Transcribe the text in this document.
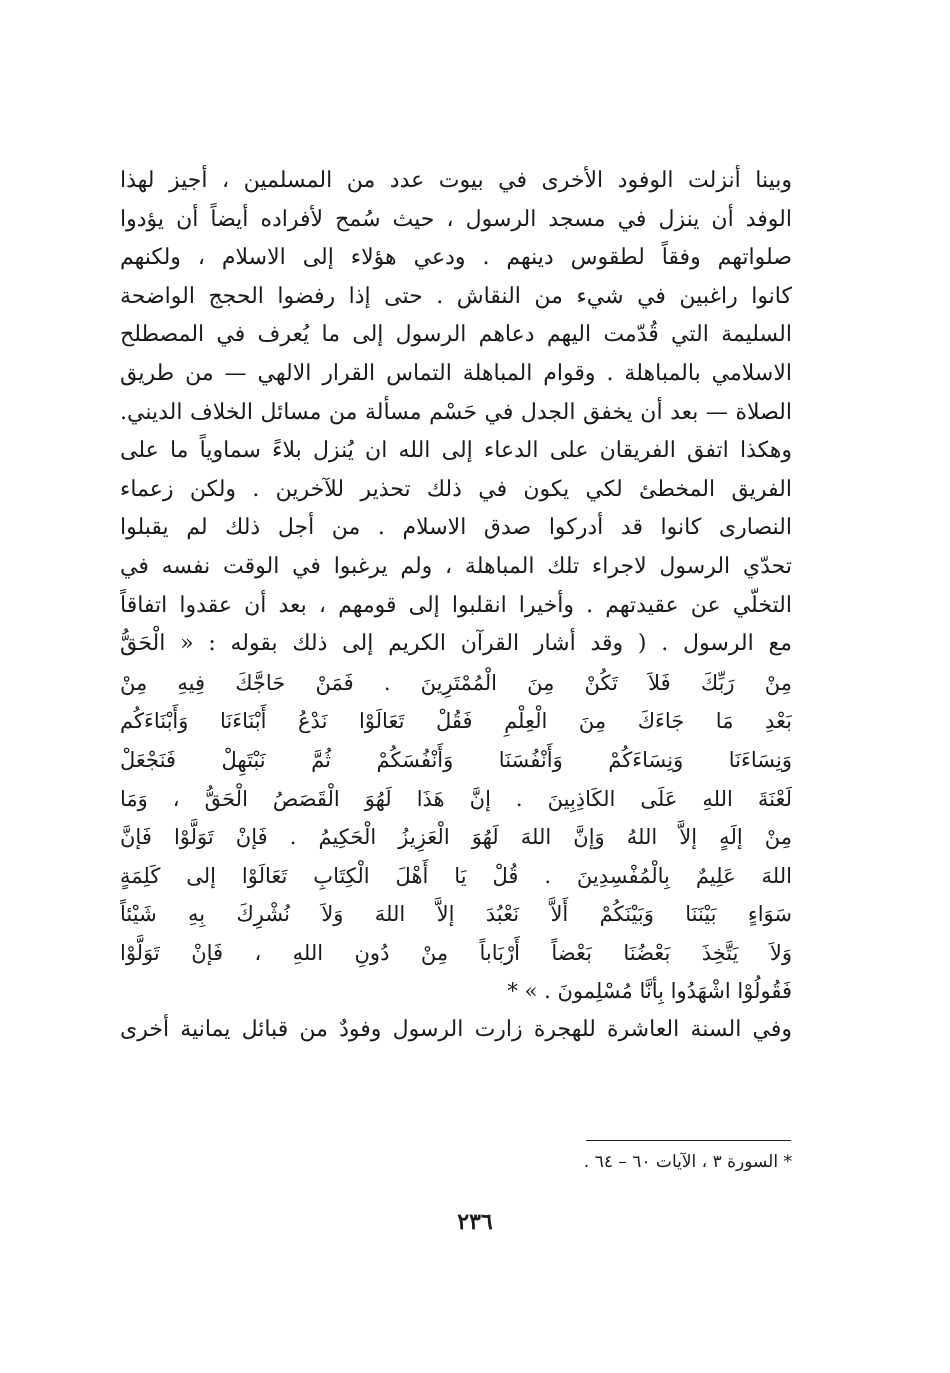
وبينا أنزلت الوفود الأخرى في بيوت عدد من المسلمين ، أجيز لهذا
الوفد أن ينزل في مسجد الرسول ، حيث سُمح لأفراده أيضاً أن يؤدوا
صلواتهم وفقاً لطقوس دينهم . ودعي هؤلاء إلى الاسلام ، ولكنهم
كانوا راغبين في شيء من النقاش . حتى إذا رفضوا الحجج الواضحة
السليمة التي قُدّمت اليهم دعاهم الرسول إلى ما يُعرف في المصطلح
الاسلامي بالمباهلة . وقوام المباهلة التماس القرار الالهي — من طريق
الصلاة — بعد أن يخفق الجدل في حَسْم مسألة من مسائل الخلاف الديني.
وهكذا اتفق الفريقان على الدعاء إلى الله ان يُنزل بلاءً سماوياً ما على
الفريق المخطئ لكي يكون في ذلك تحذير للآخرين . ولكن زعماء
النصارى كانوا قد أدركوا صدق الاسلام . من أجل ذلك لم يقبلوا
تحدّي الرسول لاجراء تلك المباهلة ، ولم يرغبوا في الوقت نفسه في
التخلّي عن عقيدتهم . وأخيرا انقلبوا إلى قومهم ، بعد أن عقدوا اتفاقاً
مع الرسول . ( وقد أشار القرآن الكريم إلى ذلك بقوله : « الْحَقُّ
مِنْ رَبِّكَ فَلاَ تَكُنْ مِنَ الْمُمْتَرِينَ . فَمَنْ حَاجَّكَ فِيهِ مِنْ
بَعْدِ مَا جَاءَكَ مِنَ الْعِلْمِ فَقُلْ تَعَالَوْا نَدْعُ أَبْنَاءَنَا وَأَبْنَاءَكُم
وَنِسَاءَنَا وَنِسَاءَكُمْ وَأَنْفُسَنَا وَأَنْفُسَكُمْ ثُمَّ نَبْتَهِلْ فَنَجْعَلْ
لَعْنَةَ اللهِ عَلَى الكَاذِبِينَ . إنَّ هَذَا لَهُوَ الْقَصَصُ الْحَقُّ ، وَمَا
مِنْ إلَهٍ إلاَّ اللهُ وَإنَّ اللهَ لَهُوَ الْعَزِيزُ الْحَكِيمُ . فَإنْ تَوَلَّوْا فَإنَّ
اللهَ عَلِيمٌ بِالْمُفْسِدِينَ . قُلْ يَا أَهْلَ الْكِتَابِ تَعَالَوْا إلى كَلِمَةٍ
سَوَاءٍ بَيْنَنَا وَبَيْنَكُمْ أَلاَّ نَعْبُدَ إلاَّ اللهَ وَلاَ نُشْرِكَ بِهِ شَيْئاً
وَلاَ يَتَّخِذَ بَعْضُنَا بَعْضاً أَرْبَاباً مِنْ دُونِ اللهِ ، فَإنْ تَوَلَّوْا
فَقُولُوْا اشْهَدُوا بِأنَّا مُسْلِمونَ . » *
وفي السنة العاشرة للهجرة زارت الرسول وفودٌ من قبائل يمانية أخرى
* السورة ٣ ، الآيات ٦٠ – ٦٤ .
٢٣٦
